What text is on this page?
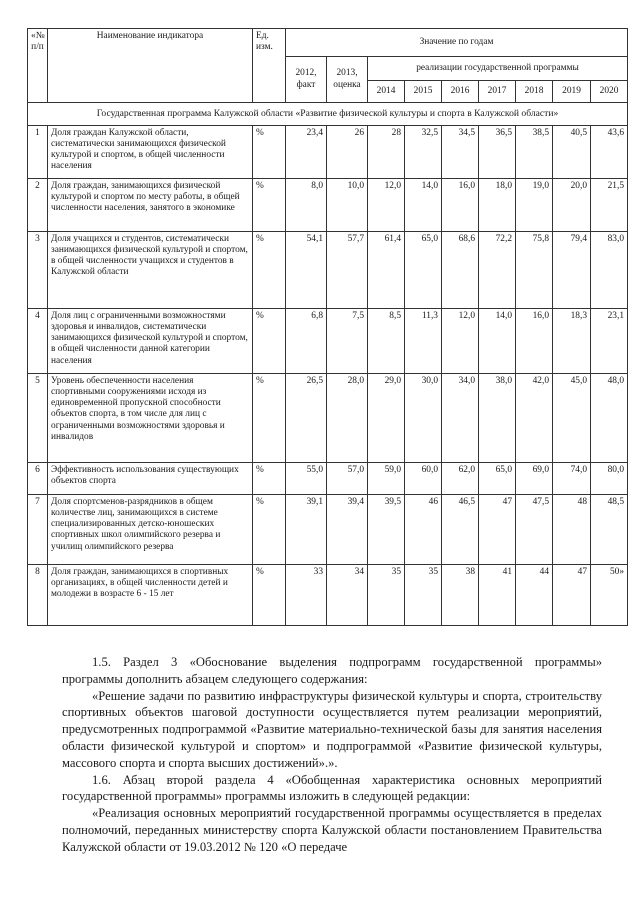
«№ п/п	Наименование индикатора	Ед. изм.	Значение по годам								
			2012, факт	2013, оценка	реализации государственной программы						
					2014	2015	2016	2017	2018	2019	2020
Государственная программа Калужской области «Развитие физической культуры и спорта в Калужской области»											
1	Доля граждан Калужской области, систематически занимающихся физической культурой и спортом, в общей численности населения	%	23,4	26	28	32,5	34,5	36,5	38,5	40,5	43,6
2	Доля граждан, занимающихся физической культурой и спортом по месту работы, в общей численности населения, занятого в экономике	%	8,0	10,0	12,0	14,0	16,0	18,0	19,0	20,0	21,5
3	Доля учащихся и студентов, систематически занимающихся физической культурой и спортом, в общей численности учащихся и студентов в Калужской области	%	54,1	57,7	61,4	65,0	68,6	72,2	75,8	79,4	83,0
4	Доля лиц с ограниченными возможностями здоровья и инвалидов, систематически занимающихся физической культурой и спортом, в общей численности данной категории населения	%	6,8	7,5	8,5	11,3	12,0	14,0	16,0	18,3	23,1
5	Уровень обеспеченности населения спортивными сооружениями исходя из единовременной пропускной способности объектов спорта, в том числе для лиц с ограниченными возможностями здоровья и инвалидов	%	26,5	28,0	29,0	30,0	34,0	38,0	42,0	45,0	48,0
6	Эффективность использования существующих объектов спорта	%	55,0	57,0	59,0	60,0	62,0	65,0	69,0	74,0	80,0
7	Доля спортсменов-разрядников в общем количестве лиц, занимающихся в системе специализированных детско-юношеских спортивных школ олимпийского резерва и училищ олимпийского резерва	%	39,1	39,4	39,5	46	46,5	47	47,5	48	48,5
8	Доля граждан, занимающихся в спортивных организациях, в общей численности детей и молодежи в возрасте 6 - 15 лет	%	33	34	35	35	38	41	44	47	50»

1.5. Раздел 3 «Обоснование выделения подпрограмм государственной программы» программы дополнить абзацем следующего содержания:

«Решение задачи по развитию инфраструктуры физической культуры и спорта, строительству спортивных объектов шаговой доступности осуществляется путем реализации мероприятий, предусмотренных подпрограммой «Развитие материально-технической базы для занятия населения области физической культурой и спортом» и подпрограммой «Развитие физической культуры, массового спорта и спорта высших достижений».».

1.6. Абзац второй раздела 4 «Обобщенная характеристика основных мероприятий государственной программы» программы изложить в следующей редакции:

«Реализация основных мероприятий государственной программы осуществляется в пределах полномочий, переданных министерству спорта Калужской области постановлением Правительства Калужской области от 19.03.2012 № 120 «О передаче
